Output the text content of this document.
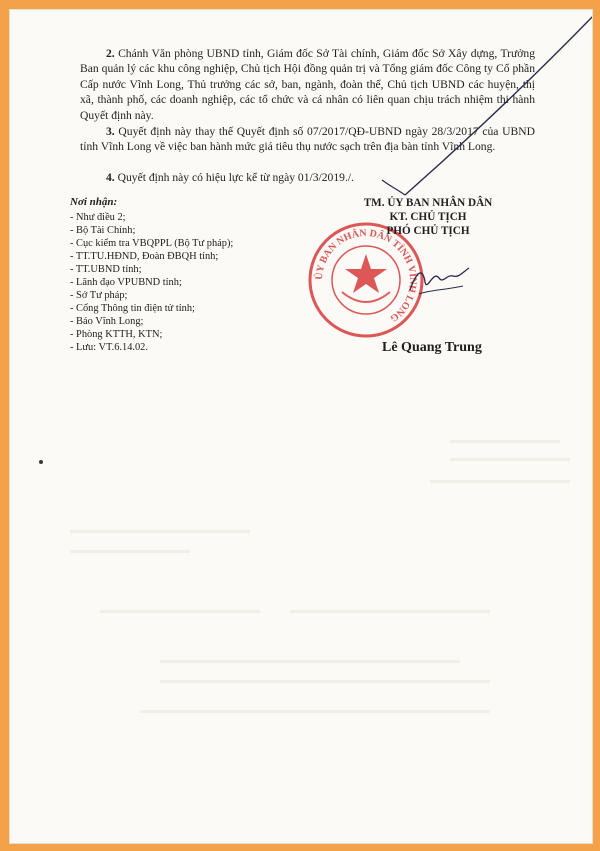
2. Chánh Văn phòng UBND tỉnh, Giám đốc Sở Tài chính, Giám đốc Sở Xây dựng, Trưởng Ban quản lý các khu công nghiệp, Chủ tịch Hội đồng quản trị và Tổng giám đốc Công ty Cổ phần Cấp nước Vĩnh Long, Thủ trưởng các sở, ban, ngành, đoàn thể, Chủ tịch UBND các huyện, thị xã, thành phố, các doanh nghiệp, các tổ chức và cá nhân có liên quan chịu trách nhiệm thi hành Quyết định này.

3. Quyết định này thay thế Quyết định số 07/2017/QĐ-UBND ngày 28/3/2017 của UBND tỉnh Vĩnh Long về việc ban hành mức giá tiêu thụ nước sạch trên địa bàn tỉnh Vĩnh Long.

4. Quyết định này có hiệu lực kể từ ngày 01/3/2019./.

Nơi nhận:
- Như điều 2;
- Bộ Tài Chính;
- Cục kiểm tra VBQPPL (Bộ Tư pháp);
- TT.TU.HĐND, Đoàn ĐBQH tỉnh;
- TT.UBND tỉnh;
- Lãnh đạo VPUBND tỉnh;
- Sở Tư pháp;
- Cổng Thông tin điện tử tỉnh;
- Báo Vĩnh Long;
- Phòng KTTH, KTN;
- Lưu: VT.6.14.02.
ỦY BAN NHÂN DÂN TỈNH VĨNH LONG
TM. ỦY BAN NHÂN DÂN
KT. CHỦ TỊCH
PHÓ CHỦ TỊCH
Lê Quang Trung
